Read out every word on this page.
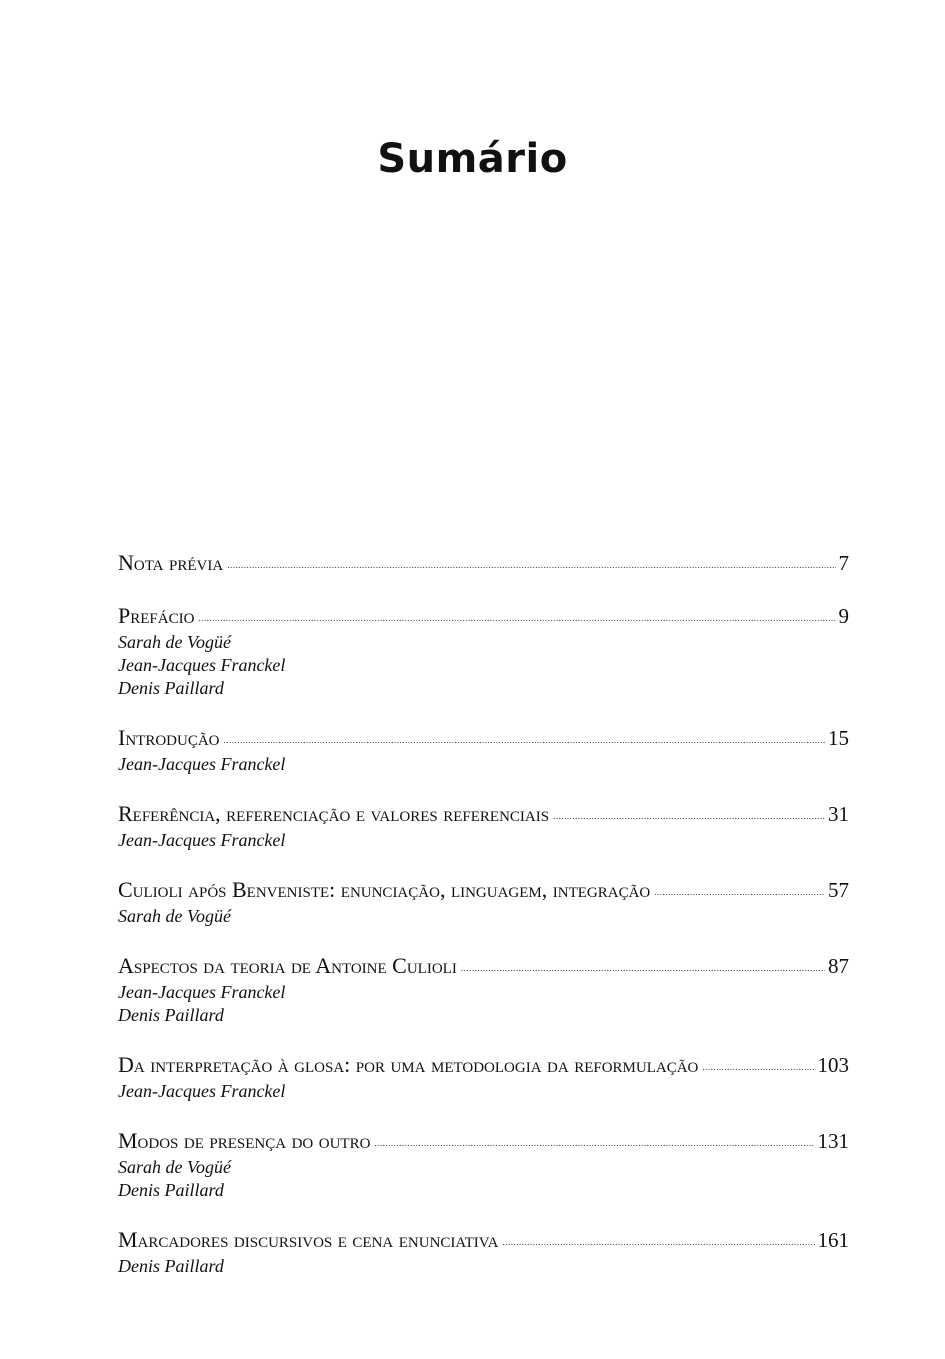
Sumário
Nota prévia .....	7
Prefácio .....	9
Sarah de Vogüé
Jean-Jacques Franckel
Denis Paillard
Introdução .....	15
Jean-Jacques Franckel
Referência, referenciação e valores referenciais .....	31
Jean-Jacques Franckel
Culioli após Benveniste: enunciação, linguagem, integração .....	57
Sarah de Vogüé
Aspectos da teoria de Antoine Culioli .....	87
Jean-Jacques Franckel
Denis Paillard
Da interpretação à glosa: por uma metodologia da reformulação .....	103
Jean-Jacques Franckel
Modos de presença do outro .....	131
Sarah de Vogüé
Denis Paillard
Marcadores discursivos e cena enunciativa .....	161
Denis Paillard
